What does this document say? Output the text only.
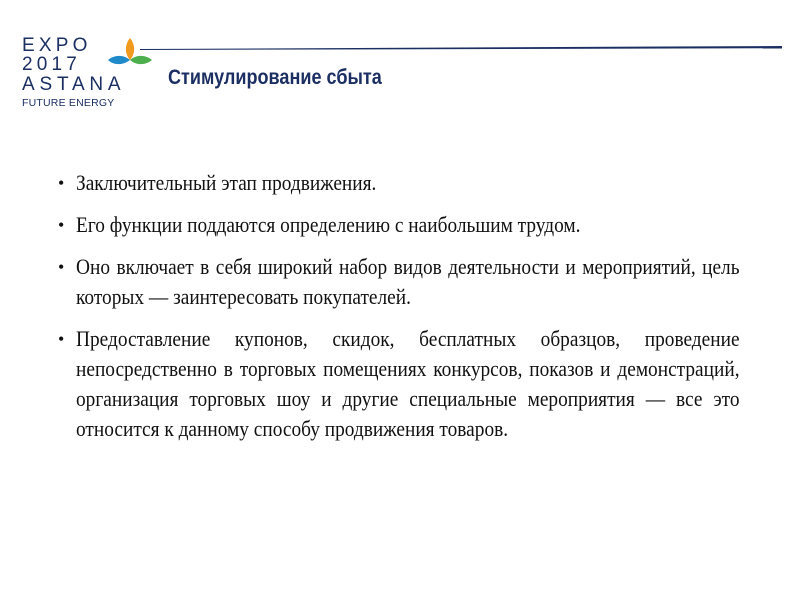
EXPO
2017
ASTANA
FUTURE ENERGY
Стимулирование сбыта
• Заключительный этап продвижения.
• Его функции поддаются определению с наибольшим трудом.
• Оно включает в себя широкий набор видов деятельности и мероприятий, цель которых — заинтересовать покупателей.
• Предоставление купонов, скидок, бесплатных образцов, проведение непосредственно в торговых помещениях конкурсов, показов и демонстраций, организация торговых шоу и другие специальные мероприятия — все это относится к данному способу продвижения товаров.
